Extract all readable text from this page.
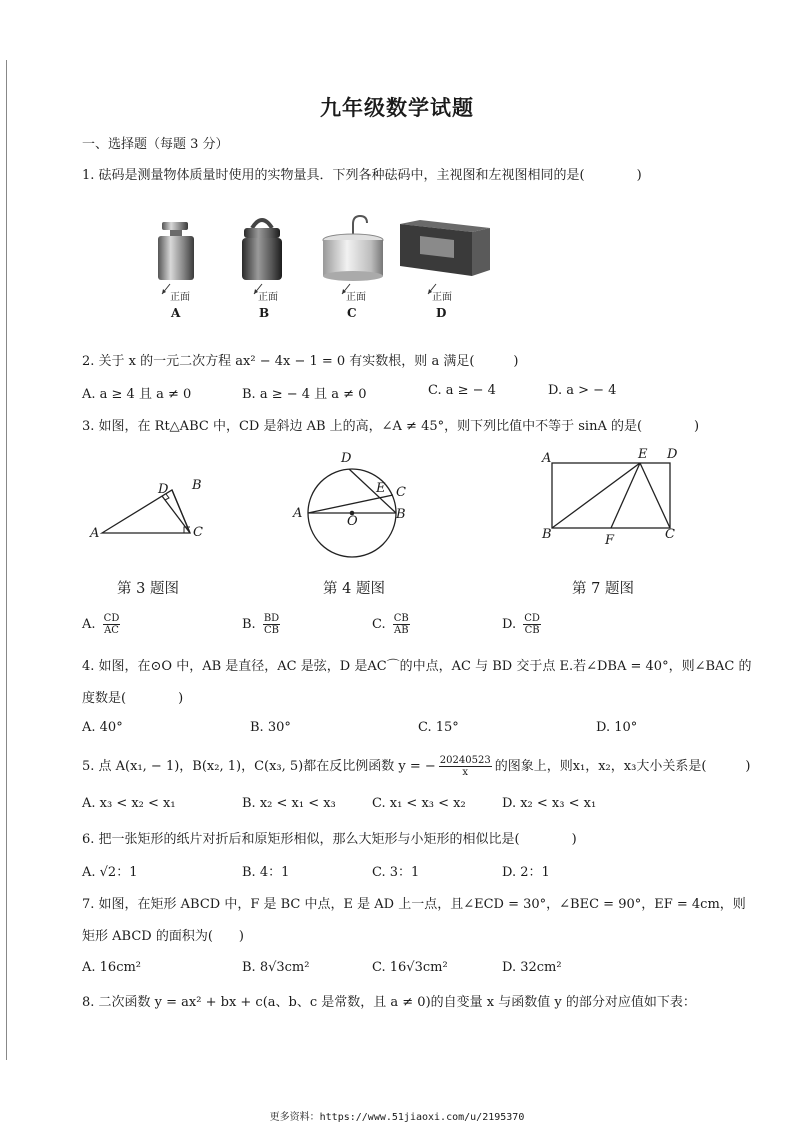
九年级数学试题
一、选择题（每题 3 分）
1. 砝码是测量物体质量时使用的实物量具．下列各种砝码中，主视图和左视图相同的是(　　　　)
正面	正面	正面	正面
A	B	C	D
2. 关于 x 的一元二次方程 ax² − 4x − 1 = 0 有实数根，则 a 满足(　　　)
A. a ≥ 4 且 a ≠ 0	B. a ≥ − 4 且 a ≠ 0	C. a ≥ − 4	D. a > − 4
3. 如图，在 Rt△ABC 中，CD 是斜边 AB 上的高，∠A ≠ 45°，则下列比值中不等于 sinA 的是(　　　　)
A
D B
C
A
D
E C
B
O
A	E D
B	F	C
第 3 题图	第 4 题图	第 7 题图
A. $\frac{CD}{AC}$	B. $\frac{BD}{CB}$	C. $\frac{CB}{AB}$	D. $\frac{CD}{CB}$
4. 如图，在⊙O 中，AB 是直径，AC 是弦，D 是AC⌒的中点，AC 与 BD 交于点 E.若∠DBA = 40°，则∠BAC 的
度数是(　　　　)
A. 40°	B. 30°	C. 15°	D. 10°
5. 点 A(x₁, − 1)，B(x₂, 1)，C(x₃, 5)都在反比例函数 y = − $\frac{20240523}{x}$ 的图象上，则x₁，x₂，x₃大小关系是(　　　)
A. x₃ < x₂ < x₁	B. x₂ < x₁ < x₃	C. x₁ < x₃ < x₂	D. x₂ < x₃ < x₁
6. 把一张矩形的纸片对折后和原矩形相似，那么大矩形与小矩形的相似比是(　　　　)
A. √2：1	B. 4：1	C. 3：1	D. 2：1
7. 如图，在矩形 ABCD 中，F 是 BC 中点，E 是 AD 上一点，且∠ECD = 30°，∠BEC = 90°，EF = 4cm，则
矩形 ABCD 的面积为(　　)
A. 16cm²	B. 8√3cm²	C. 16√3cm²	D. 32cm²
8. 二次函数 y = ax² + bx + c(a、b、c 是常数，且 a ≠ 0)的自变量 x 与函数值 y 的部分对应值如下表：
更多资料：https://www.51jiaoxi.com/u/2195370
